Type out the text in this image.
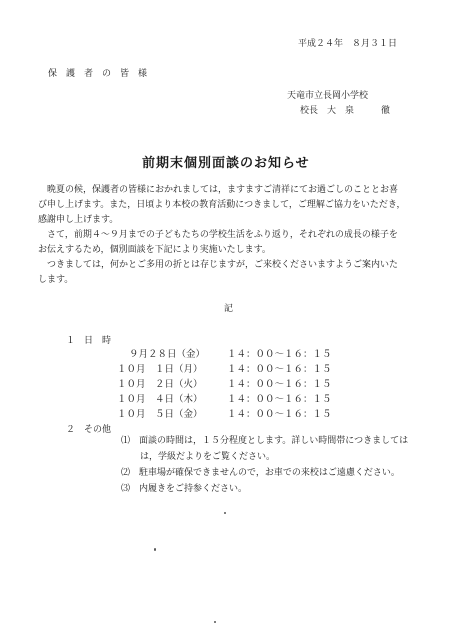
平成２４年　８月３１日
保　護　者　の　皆　様
天竜市立長岡小学校
校長　大　泉　　　徹
前期末個別面談のお知らせ
晩夏の候，保護者の皆様におかれましては，ますますご清祥にてお過ごしのこととお喜
び申し上げます。また，日頃より本校の教育活動につきまして，ご理解ご協力をいただき，
感謝申し上げます。
さて，前期４～９月までの子どもたちの学校生活をふり返り，それぞれの成長の様子を
お伝えするため，個別面談を下記により実施いたします。
つきましては，何かとご多用の折とは存じますが，ご来校くださいますようご案内いた
します。
記
１　日　時
９月２８日（金） １４：００～１６：１５
１０月　１日（月）	１４：００～１６：１５
１０月　２日（火）	１４：００～１６：１５
１０月　４日（木）	１４：００～１６：１５
１０月　５日（金）	１４：００～１６：１５
２　その他
⑴　面談の時間は，１５分程度とします。詳しい時間帯につきましては
は，学級だよりをご覧ください。
⑵　駐車場が確保できませんので，お車での来校はご遠慮ください。
⑶　内履きをご持参ください。
